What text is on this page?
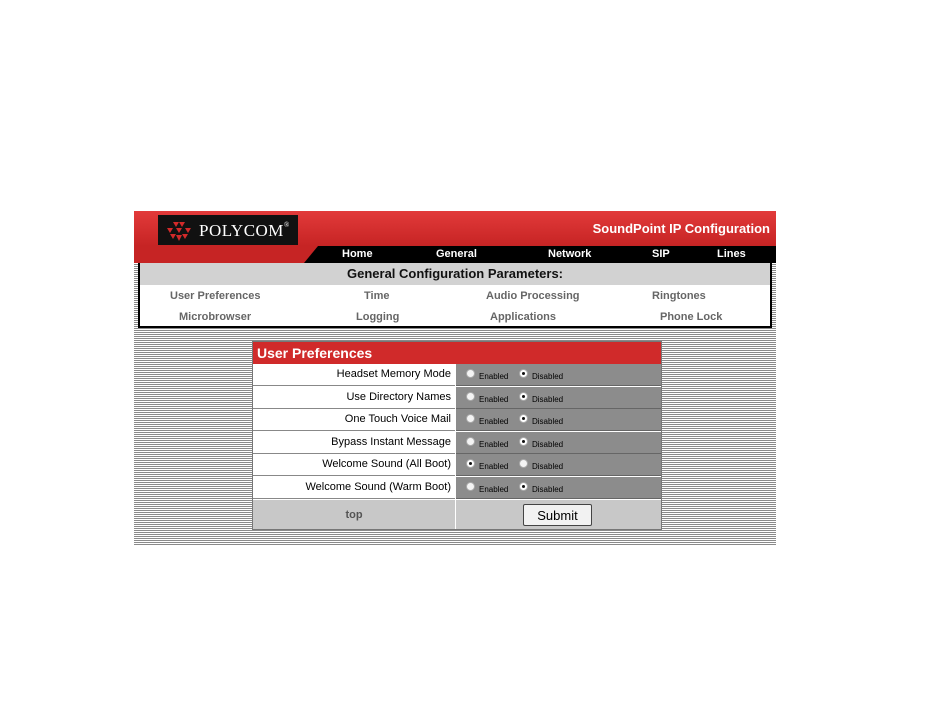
POLYCOM®	SoundPoint IP Configuration
Home	General	Network	SIP	Lines
General Configuration Parameters:
User Preferences	Time	Audio Processing	Ringtones
Microbrowser	Logging	Applications	Phone Lock
User Preferences
Headset Memory Mode	Enabled	Disabled
Use Directory Names	Enabled	Disabled
One Touch Voice Mail	Enabled	Disabled
Bypass Instant Message	Enabled	Disabled
Welcome Sound (All Boot)	Enabled	Disabled
Welcome Sound (Warm Boot)	Enabled	Disabled
top	Submit
